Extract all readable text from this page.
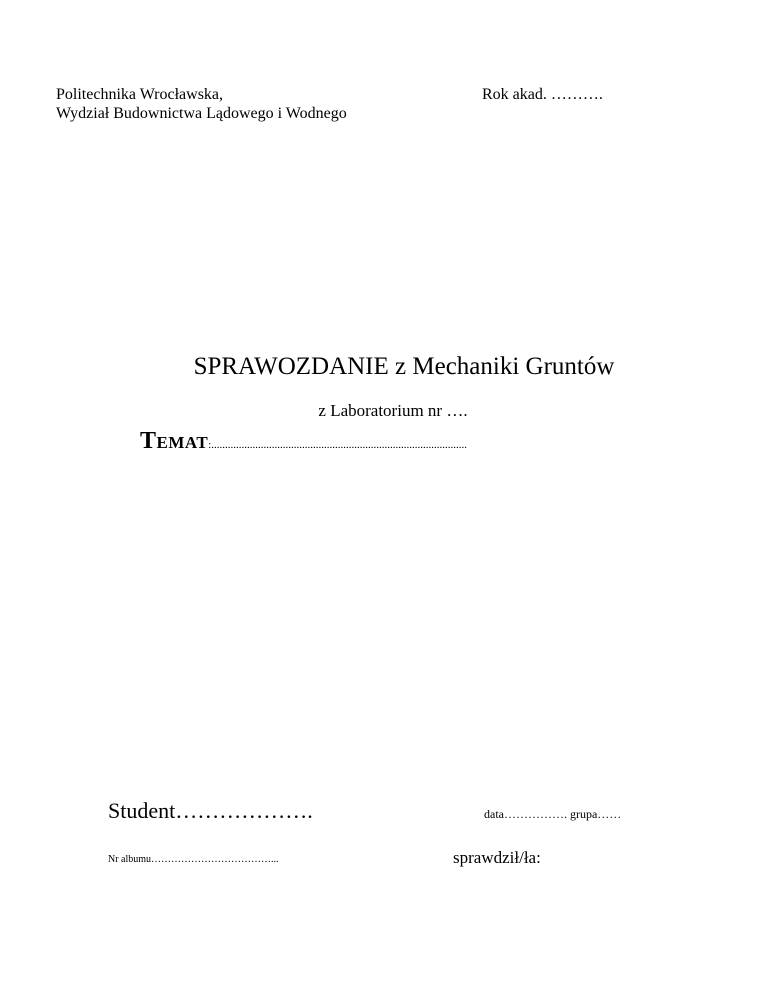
Politechnika Wrocławska,
Wydział Budownictwa Lądowego i Wodnego
Rok akad. ……….
SPRAWOZDANIE z Mechaniki Gruntów
z Laboratorium nr ….
Temat:.............................................................................................
Student……………….	data……………. grupa……
Nr albumu………………………………...	sprawdził/ła:
